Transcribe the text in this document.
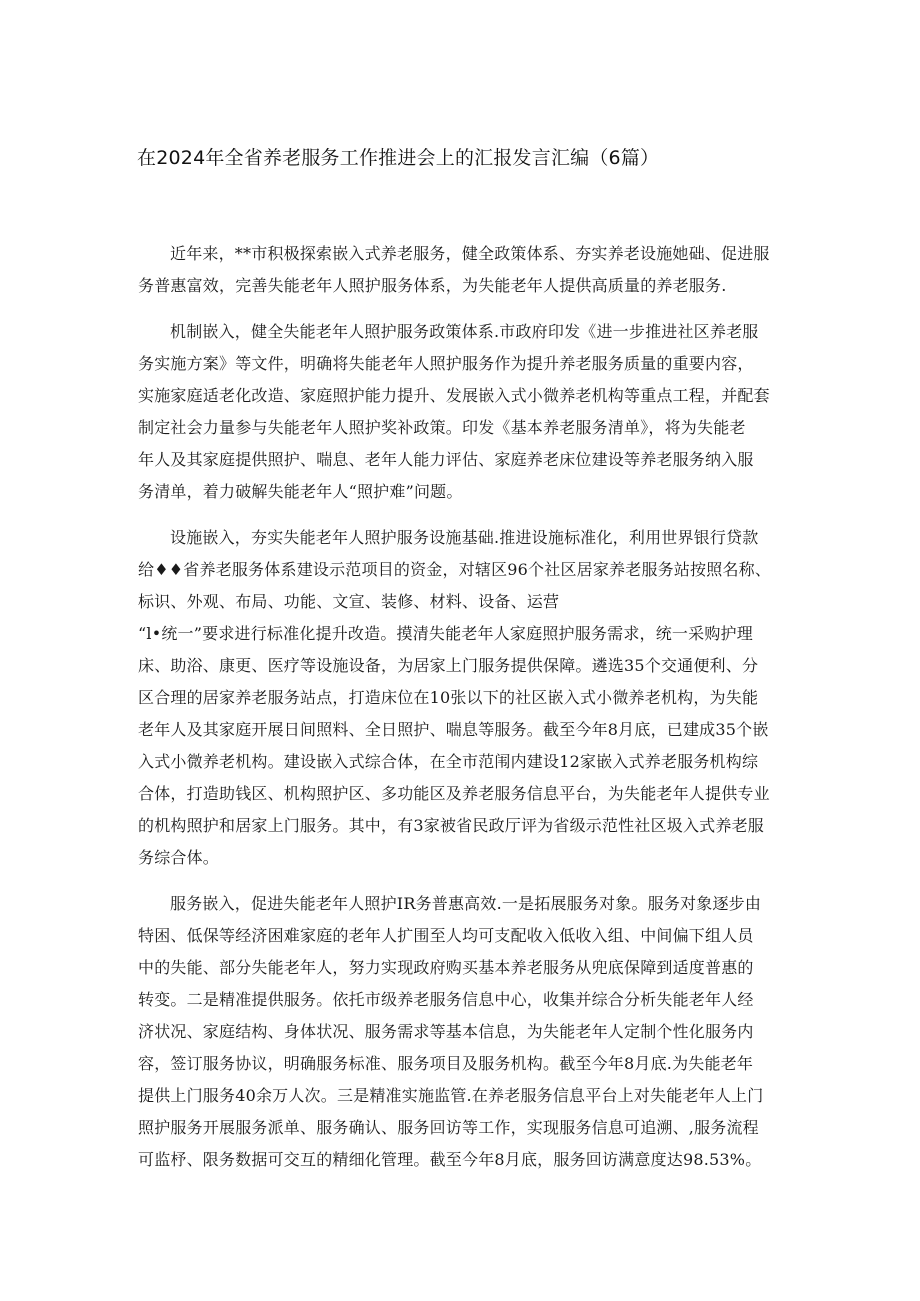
在2024年全省养老服务工作推进会上的汇报发言汇编（6篇）

近年来，**市积极探索嵌入式养老服务，健全政策体系、夯实养老设施她础、促进服
务普惠富效，完善失能老年人照护服务体系，为失能老年人提供高质量的养老服务.

机制嵌入，健全失能老年人照护服务政策体系.市政府印发《进一步推进社区养老服
务实施方案》等文件，明确将失能老年人照护服务作为提升养老服务质量的重要内容，
实施家庭适老化改造、家庭照护能力提升、发展嵌入式小微养老机构等重点工程，并配套
制定社会力量参与失能老年人照护奖补政策。印发《基本养老服务清单》，将为失能老
年人及其家庭提供照护、喘息、老年人能力评估、家庭养老床位建设等养老服务纳入服
务清单，着力破解失能老年人“照护难”问题。

设施嵌入，夯实失能老年人照护服务设施基础.推进设施标准化，利用世界银行贷款
给♦♦省养老服务体系建设示范项目的资金，对辖区96个社区居家养老服务站按照名称、
标识、外观、布局、功能、文宣、装修、材料、设备、运营
“l•统一”要求进行标准化提升改造。摸清失能老年人家庭照护服务需求，统一采购护理
床、助浴、康更、医疗等设施设备，为居家上门服务提供保障。遴选35个交通便利、分
区合理的居家养老服务站点，打造床位在10张以下的社区嵌入式小微养老机构，为失能
老年人及其家庭开展日间照料、全日照护、喘息等服务。截至今年8月底，已建成35个嵌
入式小微养老机构。建设嵌入式综合体，在全市范闱内建设12家嵌入式养老服务机构综
合体，打造助钱区、机构照护区、多功能区及养老服务信息平台，为失能老年人提供专业
的机构照护和居家上门服务。其中，有3家被省民政厅评为省级示范性社区圾入式养老服
务综合体。

服务嵌入，促进失能老年人照护IR务普惠高效.一是拓展服务对象。服务对象逐步由
特困、低保等经济困难家庭的老年人扩围至人均可支配收入低收入组、中间偏下组人员
中的失能、部分失能老年人，努力实现政府购买基本养老服务从兜底保障到适度普惠的
转变。二是精准提供服务。依托市级养老服务信息中心，收集并综合分析失能老年人经
济状况、家庭结构、身体状况、服务需求等基本信息，为失能老年人定制个性化服务内
容，签订服务协议，明确服务标准、服务项目及服务机构。截至今年8月底.为失能老年
提供上门服务40余万人次。三是精准实施监管.在养老服务信息平台上对失能老年人上门
照护服务开展服务派单、服务确认、服务回访等工作，实现服务信息可追溯、,服务流程
可监杼、限务数据可交互的精细化管理。截至今年8月底，服务回访满意度达98.53%。
